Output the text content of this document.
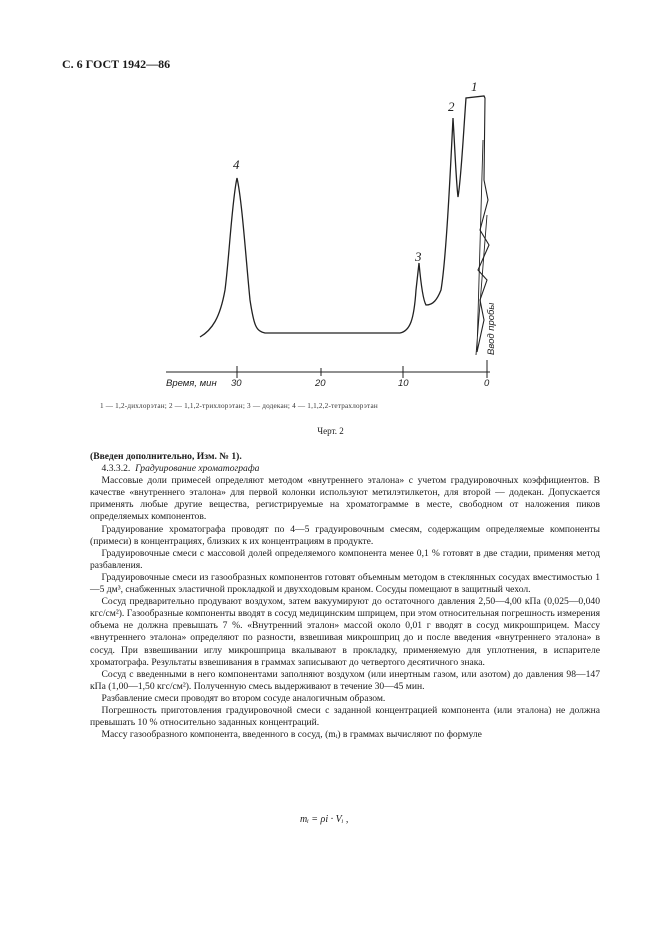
С. 6 ГОСТ 1942—86
Время, мин 30	20	10	0
4
3
2
1
Ввод пробы
1 — 1,2-дихлорэтан; 2 — 1,1,2-трихлорэтан; 3 — додекан; 4 — 1,1,2,2-тетрахлорэтан
Черт. 2

(Введен дополнительно, Изм. № 1).

4.3.3.2. Градуирование хроматографа

Массовые доли примесей определяют методом «внутреннего эталона» с учетом градуировочных коэффициентов. В качестве «внутреннего эталона» для первой колонки используют метилэтилкетон, для второй — додекан. Допускается применять любые другие вещества, регистрируемые на хроматограмме в месте, свободном от наложения пиков определяемых компонентов.

Градуирование хроматографа проводят по 4—5 градуировочным смесям, содержащим определяемые компоненты (примеси) в концентрациях, близких к их концентрациям в продукте.

Градуировочные смеси с массовой долей определяемого компонента менее 0,1 % готовят в две стадии, применяя метод разбавления.

Градуировочные смеси из газообразных компонентов готовят объемным методом в стеклянных сосудах вместимостью 1—5 дм³, снабженных эластичной прокладкой и двухходовым краном. Сосуды помещают в защитный чехол.

Сосуд предварительно продувают воздухом, затем вакуумируют до остаточного давления 2,50—4,00 кПа (0,025—0,040 кгс/см²). Газообразные компоненты вводят в сосуд медицинским шприцем, при этом относительная погрешность измерения объема не должна превышать 7 %. «Внутренний эталон» массой около 0,01 г вводят в сосуд микрошприцем. Массу «внутреннего эталона» определяют по разности, взвешивая микрошприц до и после введения «внутреннего эталона» в сосуд. При взвешивании иглу микрошприца вкалывают в прокладку, применяемую для уплотнения, в испарителе хроматографа. Результаты взвешивания в граммах записывают до четвертого десятичного знака.

Сосуд с введенными в него компонентами заполняют воздухом (или инертным газом, или азотом) до давления 98—147 кПа (1,00—1,50 кгс/см²). Полученную смесь выдерживают в течение 30—45 мин.

Разбавление смеси проводят во втором сосуде аналогичным образом.

Погрешность приготовления градуировочной смеси с заданной концентрацией компонента (или эталона) не должна превышать 10 % относительно заданных концентраций.

Массу газообразного компонента, введенного в сосуд, (mᵢ) в граммах вычисляют по формуле

mᵢ = ρi · Vᵢ ,
